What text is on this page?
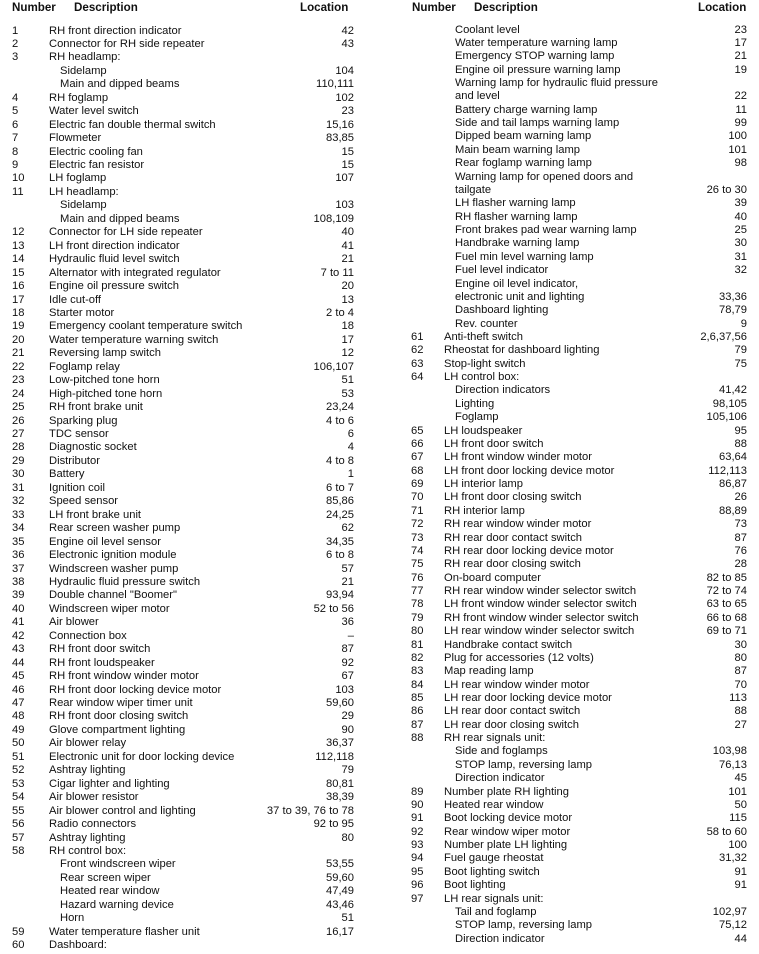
Number Description	Location
1	RH front direction indicator	42
2	Connector for RH side repeater	43
3	RH headlamp:
Sidelamp	104
Main and dipped beams	110,111
4	RH foglamp	102
5	Water level switch	23
6	Electric fan double thermal switch	15,16
7	Flowmeter	83,85
8	Electric cooling fan	15
9	Electric fan resistor	15
10 LH foglamp	107
11 LH headlamp:
Sidelamp	103
Main and dipped beams	108,109
12 Connector for LH side repeater	40
13 LH front direction indicator	41
14 Hydraulic fluid level switch	21
15 Alternator with integrated regulator	7 to 11
16 Engine oil pressure switch	20
17 Idle cut-off	13
18 Starter motor	2 to 4
19 Emergency coolant temperature switch	18
20 Water temperature warning switch	17
21 Reversing lamp switch	12
22 Foglamp relay	106,107
23 Low-pitched tone horn	51
24 High-pitched tone horn	53
25 RH front brake unit	23,24
26 Sparking plug	4 to 6
27 TDC sensor	6
28 Diagnostic socket	4
29 Distributor	4 to 8
30 Battery	1
31 Ignition coil	6 to 7
32 Speed sensor	85,86
33 LH front brake unit	24,25
34 Rear screen washer pump	62
35 Engine oil level sensor	34,35
36 Electronic ignition module	6 to 8
37 Windscreen washer pump	57
38 Hydraulic fluid pressure switch	21
39 Double channel "Boomer"	93,94
40 Windscreen wiper motor	52 to 56
41 Air blower	36
42 Connection box	–
43 RH front door switch	87
44 RH front loudspeaker	92
45 RH front window winder motor	67
46 RH front door locking device motor	103
47 Rear window wiper timer unit	59,60
48 RH front door closing switch	29
49 Glove compartment lighting	90
50 Air blower relay	36,37
51 Electronic unit for door locking device	112,118
52 Ashtray lighting	79
53 Cigar lighter and lighting	80,81
54 Air blower resistor	38,39
55 Air blower control and lighting	37 to 39, 76 to 78
56 Radio connectors	92 to 95
57 Ashtray lighting	80
58 RH control box:
Front windscreen wiper	53,55
Rear screen wiper	59,60
Heated rear window	47,49
Hazard warning device	43,46
Horn	51
59 Water temperature flasher unit	16,17
60 Dashboard:
Number Description	Location
Coolant level	23
Water temperature warning lamp	17
Emergency STOP warning lamp	21
Engine oil pressure warning lamp	19
Warning lamp for hydraulic fluid pressure
and level	22
Battery charge warning lamp	11
Side and tail lamps warning lamp	99
Dipped beam warning lamp	100
Main beam warning lamp	101
Rear foglamp warning lamp	98
Warning lamp for opened doors and
tailgate	26 to 30
LH flasher warning lamp	39
RH flasher warning lamp	40
Front brakes pad wear warning lamp	25
Handbrake warning lamp	30
Fuel min level warning lamp	31
Fuel level indicator	32
Engine oil level indicator,
electronic unit and lighting	33,36
Dashboard lighting	78,79
Rev. counter	9
61 Anti-theft switch	2,6,37,56
62 Rheostat for dashboard lighting	79
63 Stop-light switch	75
64 LH control box:
Direction indicators	41,42
Lighting	98,105
Foglamp	105,106
65 LH loudspeaker	95
66 LH front door switch	88
67 LH front window winder motor	63,64
68 LH front door locking device motor	112,113
69 LH interior lamp	86,87
70 LH front door closing switch	26
71 RH interior lamp	88,89
72 RH rear window winder motor	73
73 RH rear door contact switch	87
74 RH rear door locking device motor	76
75 RH rear door closing switch	28
76 On-board computer	82 to 85
77 RH rear window winder selector switch	72 to 74
78 LH front window winder selector switch	63 to 65
79 RH front window winder selector switch	66 to 68
80 LH rear window winder selector switch	69 to 71
81 Handbrake contact switch	30
82 Plug for accessories (12 volts)	80
83 Map reading lamp	87
84 LH rear window winder motor	70
85 LH rear door locking device motor	113
86 LH rear door contact switch	88
87 LH rear door closing switch	27
88 RH rear signals unit:
Side and foglamps	103,98
STOP lamp, reversing lamp	76,13
Direction indicator	45
89 Number plate RH lighting	101
90 Heated rear window	50
91 Boot locking device motor	115
92 Rear window wiper motor	58 to 60
93 Number plate LH lighting	100
94 Fuel gauge rheostat	31,32
95 Boot lighting switch	91
96 Boot lighting	91
97 LH rear signals unit:
Tail and foglamp	102,97
STOP lamp, reversing lamp	75,12
Direction indicator	44
